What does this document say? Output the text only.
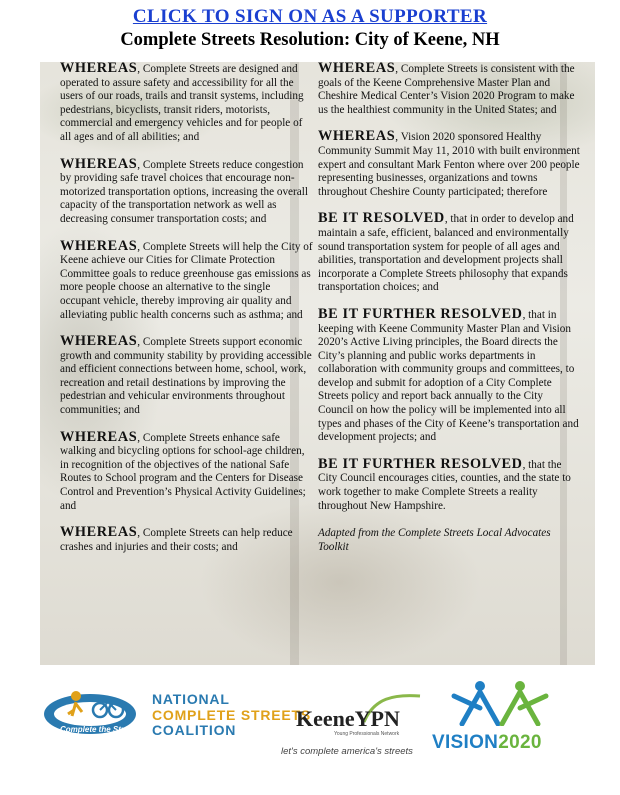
CLICK TO SIGN ON AS A SUPPORTER
Complete Streets Resolution: City of Keene, NH

WHEREAS, Complete Streets are designed and operated to assure safety and accessibility for all the users of our roads, trails and transit systems, including pedestrians, bicyclists, transit riders, motorists, commercial and emergency vehicles and for people of all ages and of all abilities; and

WHEREAS, Complete Streets reduce congestion by providing safe travel choices that encourage non-motorized transportation options, increasing the overall capacity of the transportation network as well as decreasing consumer transportation costs; and

WHEREAS, Complete Streets will help the City of Keene achieve our Cities for Climate Protection Committee goals to reduce greenhouse gas emissions as more people choose an alternative to the single occupant vehicle, thereby improving air quality and alleviating public health concerns such as asthma; and

WHEREAS, Complete Streets support economic growth and community stability by providing accessible and efficient connections between home, school, work, recreation and retail destinations by improving the pedestrian and vehicular environments throughout communities; and

WHEREAS, Complete Streets enhance safe walking and bicycling options for school-age children, in recognition of the objectives of the national Safe Routes to School program and the Centers for Disease Control and Prevention’s Physical Activity Guidelines; and

WHEREAS, Complete Streets can help reduce crashes and injuries and their costs; and

WHEREAS, Complete Streets is consistent with the goals of the Keene Comprehensive Master Plan and Cheshire Medical Center’s Vision 2020 Program to make us the healthiest community in the United States; and

WHEREAS, Vision 2020 sponsored Healthy Community Summit May 11, 2010 with built environment expert and consultant Mark Fenton where over 200 people representing businesses, organizations and towns throughout Cheshire County participated; therefore

BE IT RESOLVED, that in order to develop and maintain a safe, efficient, balanced and environmentally sound transportation system for people of all ages and abilities, transportation and development projects shall incorporate a Complete Streets philosophy that expands transportation choices; and

BE IT FURTHER RESOLVED, that in keeping with Keene Community Master Plan and Vision 2020’s Active Living principles, the Board directs the City’s planning and public works departments in collaboration with community groups and committees, to develop and submit for adoption of a City Complete Streets policy and report back annually to the City Council on how the policy will be implemented into all types and phases of the City of Keene’s transportation and development projects; and

BE IT FURTHER RESOLVED, that the City Council encourages cities, counties, and the state to work together to make Complete Streets a reality throughout New Hampshire.

Adapted from the Complete Streets Local Advocates Toolkit
Complete the Streets
NATIONAL
COMPLETE STREETS
COALITION	KeeneYPN
Young Professionals Network
let's complete america's streets VISION2020
